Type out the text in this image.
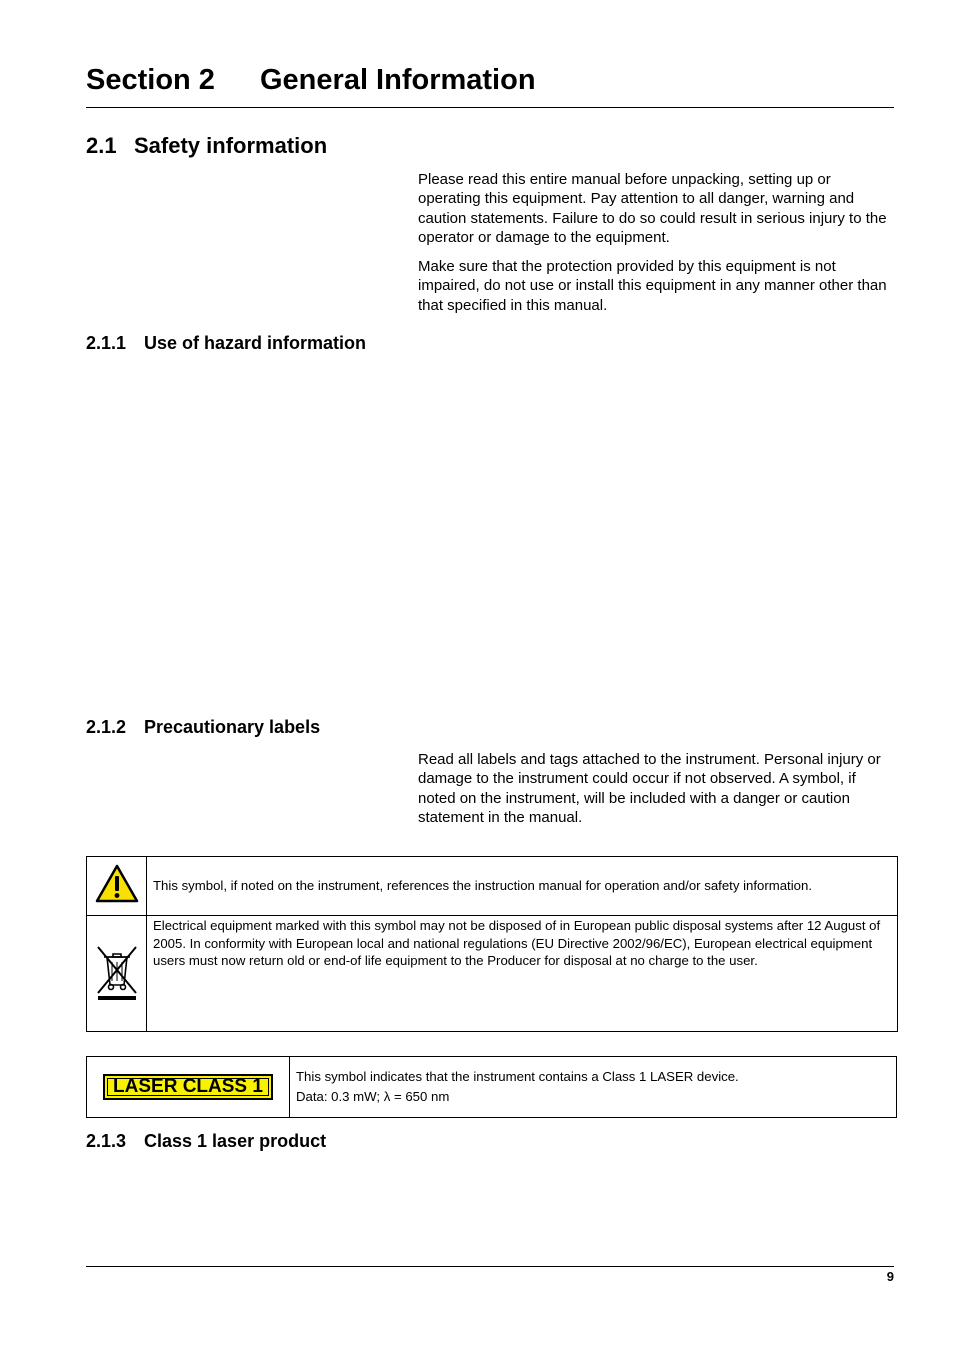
Section 2	General Information
2.1 Safety information

Please read this entire manual before unpacking, setting up or operating this equipment. Pay attention to all danger, warning and caution statements. Failure to do so could result in serious injury to the operator or damage to the equipment.

Make sure that the protection provided by this equipment is not impaired, do not use or install this equipment in any manner other than that specified in this manual.

2.1.1 Use of hazard information
2.1.2 Precautionary labels

Read all labels and tags attached to the instrument. Personal injury or damage to the instrument could occur if not observed. A symbol, if noted on the instrument, will be included with a danger or caution statement in the manual.

	This symbol, if noted on the instrument, references the instruction manual for operation and/or safety information.
	Electrical equipment marked with this symbol may not be disposed of in European public disposal systems after 12 August of 2005. In conformity with European local and national regulations (EU Directive 2002/96/EC), European electrical equipment users must now return old or end-of life equipment to the Producer for disposal at no charge to the user.
LASER CLASS 1	This symbol indicates that the instrument contains a Class 1 LASER device.
Data: 0.3 mW; λ = 650 nm
2.1.3 Class 1 laser product
9
